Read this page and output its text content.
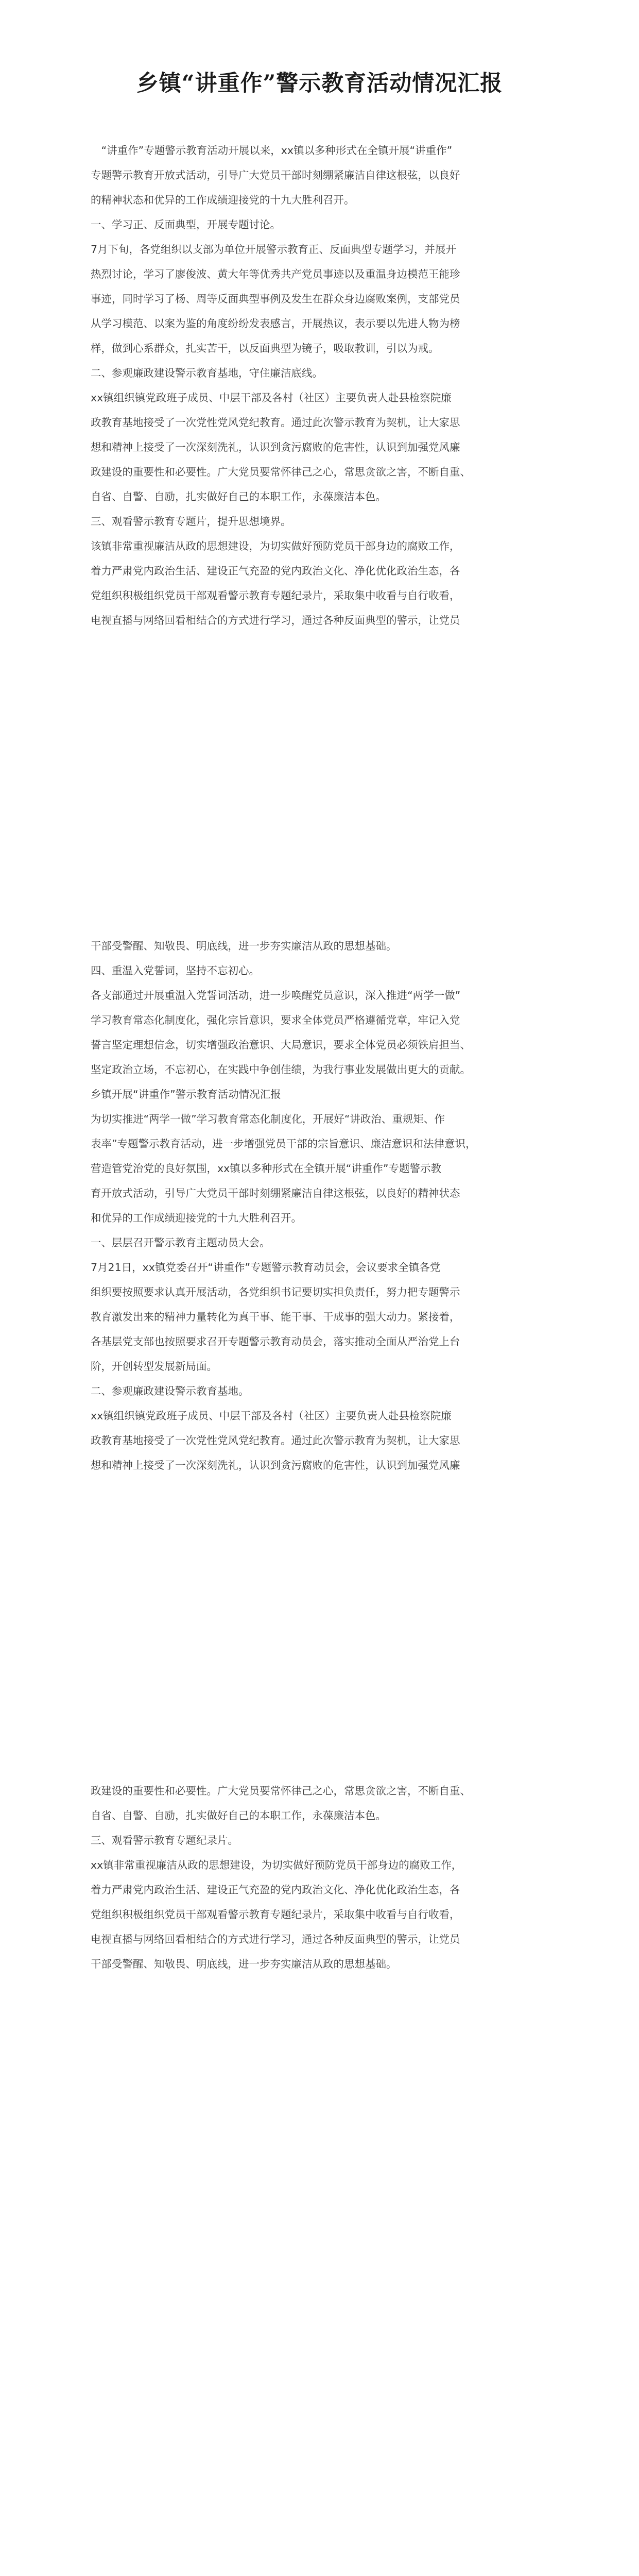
乡镇“讲重作”警示教育活动情况汇报
　“讲重作”专题警示教育活动开展以来，xx镇以多种形式在全镇开展“讲重作”
专题警示教育开放式活动，引导广大党员干部时刻绷紧廉洁自律这根弦，以良好
的精神状态和优异的工作成绩迎接党的十九大胜利召开。
一、学习正、反面典型，开展专题讨论。
7月下旬，各党组织以支部为单位开展警示教育正、反面典型专题学习，并展开
热烈讨论，学习了廖俊波、黄大年等优秀共产党员事迹以及重温身边模范王能珍
事迹，同时学习了杨、周等反面典型事例及发生在群众身边腐败案例，支部党员
从学习模范、以案为鉴的角度纷纷发表感言，开展热议，表示要以先进人物为榜
样，做到心系群众，扎实苦干，以反面典型为镜子，吸取教训，引以为戒。
二、参观廉政建设警示教育基地，守住廉洁底线。
xx镇组织镇党政班子成员、中层干部及各村（社区）主要负责人赴县检察院廉
政教育基地接受了一次党性党风党纪教育。通过此次警示教育为契机，让大家思
想和精神上接受了一次深刻洗礼，认识到贪污腐败的危害性，认识到加强党风廉
政建设的重要性和必要性。广大党员要常怀律己之心，常思贪欲之害，不断自重、
自省、自警、自励，扎实做好自己的本职工作，永葆廉洁本色。
三、观看警示教育专题片，提升思想境界。
该镇非常重视廉洁从政的思想建设，为切实做好预防党员干部身边的腐败工作，
着力严肃党内政治生活、建设正气充盈的党内政治文化、净化优化政治生态，各
党组织积极组织党员干部观看警示教育专题纪录片，采取集中收看与自行收看，
电视直播与网络回看相结合的方式进行学习，通过各种反面典型的警示，让党员
干部受警醒、知敬畏、明底线，进一步夯实廉洁从政的思想基础。
四、重温入党誓词，坚持不忘初心。
各支部通过开展重温入党誓词活动，进一步唤醒党员意识，深入推进“两学一做”
学习教育常态化制度化，强化宗旨意识，要求全体党员严格遵循党章，牢记入党
誓言坚定理想信念，切实增强政治意识、大局意识，要求全体党员必须铁肩担当、
坚定政治立场，不忘初心，在实践中争创佳绩，为我行事业发展做出更大的贡献。
乡镇开展“讲重作”警示教育活动情况汇报
为切实推进“两学一做”学习教育常态化制度化，开展好“讲政治、重规矩、作
表率”专题警示教育活动，进一步增强党员干部的宗旨意识、廉洁意识和法律意识，
营造管党治党的良好氛围，xx镇以多种形式在全镇开展“讲重作”专题警示教
育开放式活动，引导广大党员干部时刻绷紧廉洁自律这根弦，以良好的精神状态
和优异的工作成绩迎接党的十九大胜利召开。
一、层层召开警示教育主题动员大会。
7月21日，xx镇党委召开“讲重作”专题警示教育动员会，会议要求全镇各党
组织要按照要求认真开展活动，各党组织书记要切实担负责任，努力把专题警示
教育激发出来的精神力量转化为真干事、能干事、干成事的强大动力。紧接着，
各基层党支部也按照要求召开专题警示教育动员会，落实推动全面从严治党上台
阶，开创转型发展新局面。
二、参观廉政建设警示教育基地。
xx镇组织镇党政班子成员、中层干部及各村（社区）主要负责人赴县检察院廉
政教育基地接受了一次党性党风党纪教育。通过此次警示教育为契机，让大家思
想和精神上接受了一次深刻洗礼，认识到贪污腐败的危害性，认识到加强党风廉
政建设的重要性和必要性。广大党员要常怀律己之心，常思贪欲之害，不断自重、
自省、自警、自励，扎实做好自己的本职工作，永葆廉洁本色。
三、观看警示教育专题纪录片。
xx镇非常重视廉洁从政的思想建设，为切实做好预防党员干部身边的腐败工作，
着力严肃党内政治生活、建设正气充盈的党内政治文化、净化优化政治生态，各
党组织积极组织党员干部观看警示教育专题纪录片，采取集中收看与自行收看，
电视直播与网络回看相结合的方式进行学习，通过各种反面典型的警示，让党员
干部受警醒、知敬畏、明底线，进一步夯实廉洁从政的思想基础。
